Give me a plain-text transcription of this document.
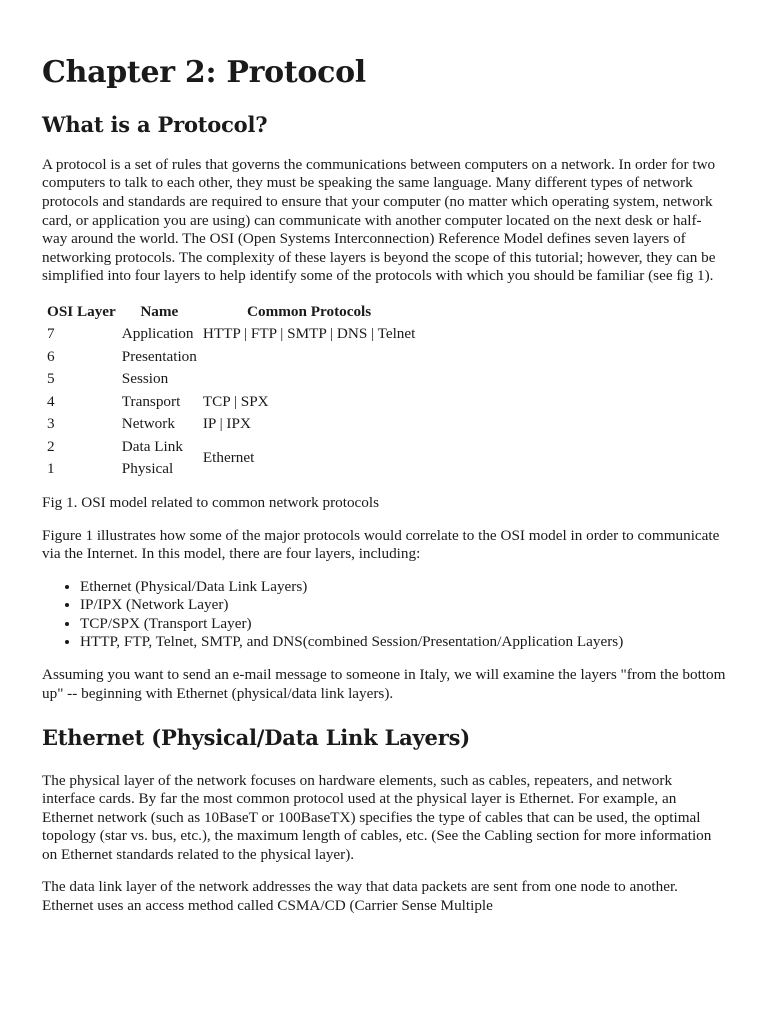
Chapter 2: Protocol
What is a Protocol?

A protocol is a set of rules that governs the communications between computers on a network. In order for two computers to talk to each other, they must be speaking the same language. Many different types of network protocols and standards are required to ensure that your computer (no matter which operating system, network card, or application you are using) can communicate with another computer located on the next desk or half-way around the world. The OSI (Open Systems Interconnection) Reference Model defines seven layers of networking protocols. The complexity of these layers is beyond the scope of this tutorial; however, they can be simplified into four layers to help identify some of the protocols with which you should be familiar (see fig 1).

OSI Layer	Name	Common Protocols
7	Application	HTTP | FTP | SMTP | DNS | Telnet
6	Presentation	
5	Session	
4	Transport	TCP | SPX
3	Network	IP | IPX
2	Data Link	Ethernet
1	Physical	
Fig 1. OSI model related to common network protocols

Figure 1 illustrates how some of the major protocols would correlate to the OSI model in order to communicate via the Internet. In this model, there are four layers, including:

• Ethernet (Physical/Data Link Layers)
• IP/IPX (Network Layer)
• TCP/SPX (Transport Layer)
• HTTP, FTP, Telnet, SMTP, and DNS(combined Session/Presentation/Application Layers)

Assuming you want to send an e-mail message to someone in Italy, we will examine the layers "from the bottom up" -- beginning with Ethernet (physical/data link layers).

Ethernet (Physical/Data Link Layers)

The physical layer of the network focuses on hardware elements, such as cables, repeaters, and network interface cards. By far the most common protocol used at the physical layer is Ethernet. For example, an Ethernet network (such as 10BaseT or 100BaseTX) specifies the type of cables that can be used, the optimal topology (star vs. bus, etc.), the maximum length of cables, etc. (See the Cabling section for more information on Ethernet standards related to the physical layer).

The data link layer of the network addresses the way that data packets are sent from one node to another. Ethernet uses an access method called CSMA/CD (Carrier Sense Multiple
